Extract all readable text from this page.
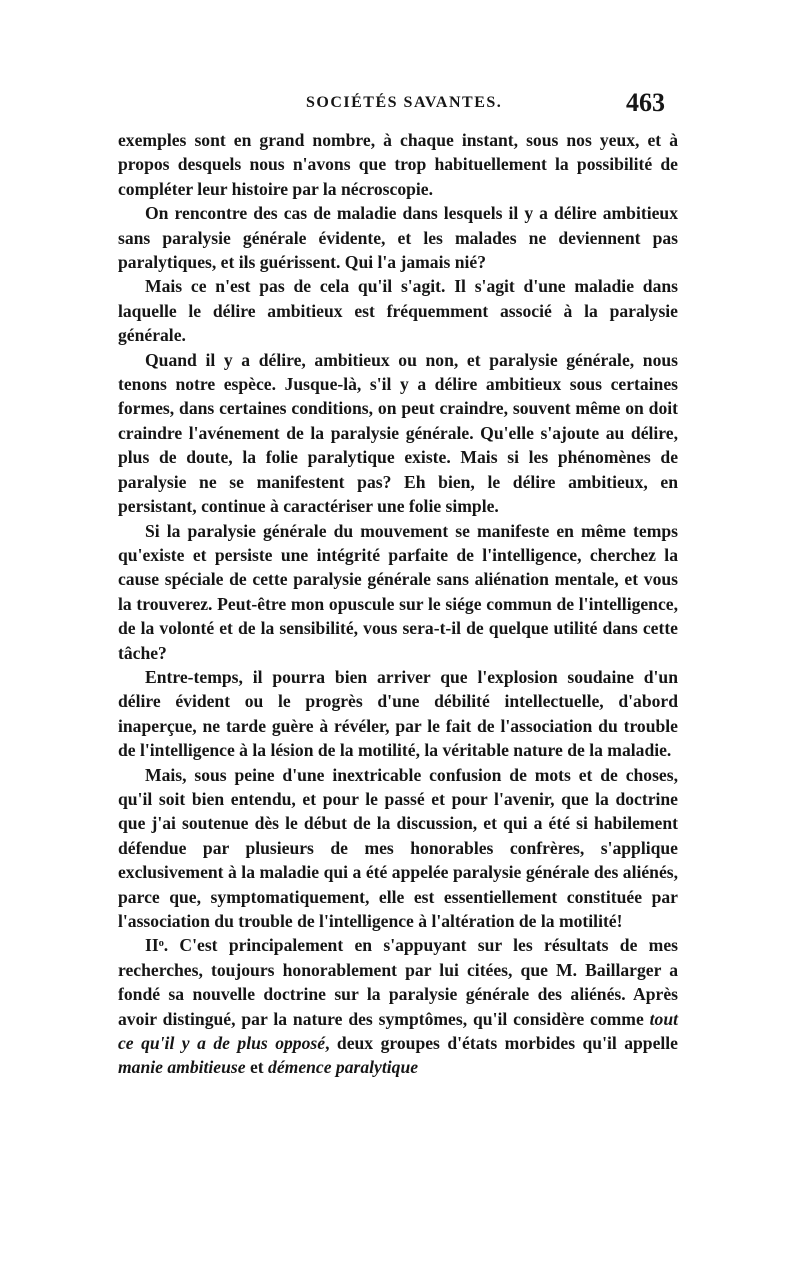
SOCIÉTÉS SAVANTES.	463

exemples sont en grand nombre, à chaque instant, sous nos yeux, et à propos desquels nous n'avons que trop habituellement la possibilité de compléter leur histoire par la nécroscopie.

On rencontre des cas de maladie dans lesquels il y a délire ambitieux sans paralysie générale évidente, et les malades ne deviennent pas paralytiques, et ils guérissent. Qui l'a jamais nié?

Mais ce n'est pas de cela qu'il s'agit. Il s'agit d'une maladie dans laquelle le délire ambitieux est fréquemment associé à la paralysie générale.

Quand il y a délire, ambitieux ou non, et paralysie générale, nous tenons notre espèce. Jusque-là, s'il y a délire ambitieux sous certaines formes, dans certaines conditions, on peut craindre, souvent même on doit craindre l'avénement de la paralysie générale. Qu'elle s'ajoute au délire, plus de doute, la folie paralytique existe. Mais si les phénomènes de paralysie ne se manifestent pas? Eh bien, le délire ambitieux, en persistant, continue à caractériser une folie simple.

Si la paralysie générale du mouvement se manifeste en même temps qu'existe et persiste une intégrité parfaite de l'intelligence, cherchez la cause spéciale de cette paralysie générale sans aliénation mentale, et vous la trouverez. Peut-être mon opuscule sur le siége commun de l'intelligence, de la volonté et de la sensibilité, vous sera-t-il de quelque utilité dans cette tâche?

Entre-temps, il pourra bien arriver que l'explosion soudaine d'un délire évident ou le progrès d'une débilité intellectuelle, d'abord inaperçue, ne tarde guère à révéler, par le fait de l'association du trouble de l'intelligence à la lésion de la motilité, la véritable nature de la maladie.

Mais, sous peine d'une inextricable confusion de mots et de choses, qu'il soit bien entendu, et pour le passé et pour l'avenir, que la doctrine que j'ai soutenue dès le début de la discussion, et qui a été si habilement défendue par plusieurs de mes honorables confrères, s'applique exclusivement à la maladie qui a été appelée paralysie générale des aliénés, parce que, symptomatiquement, elle est essentiellement constituée par l'association du trouble de l'intelligence à l'altération de la motilité!

IIᵒ. C'est principalement en s'appuyant sur les résultats de mes recherches, toujours honorablement par lui citées, que M. Baillarger a fondé sa nouvelle doctrine sur la paralysie générale des aliénés. Après avoir distingué, par la nature des symptômes, qu'il considère comme tout ce qu'il y a de plus opposé, deux groupes d'états morbides qu'il appelle manie ambitieuse et démence paralytique
